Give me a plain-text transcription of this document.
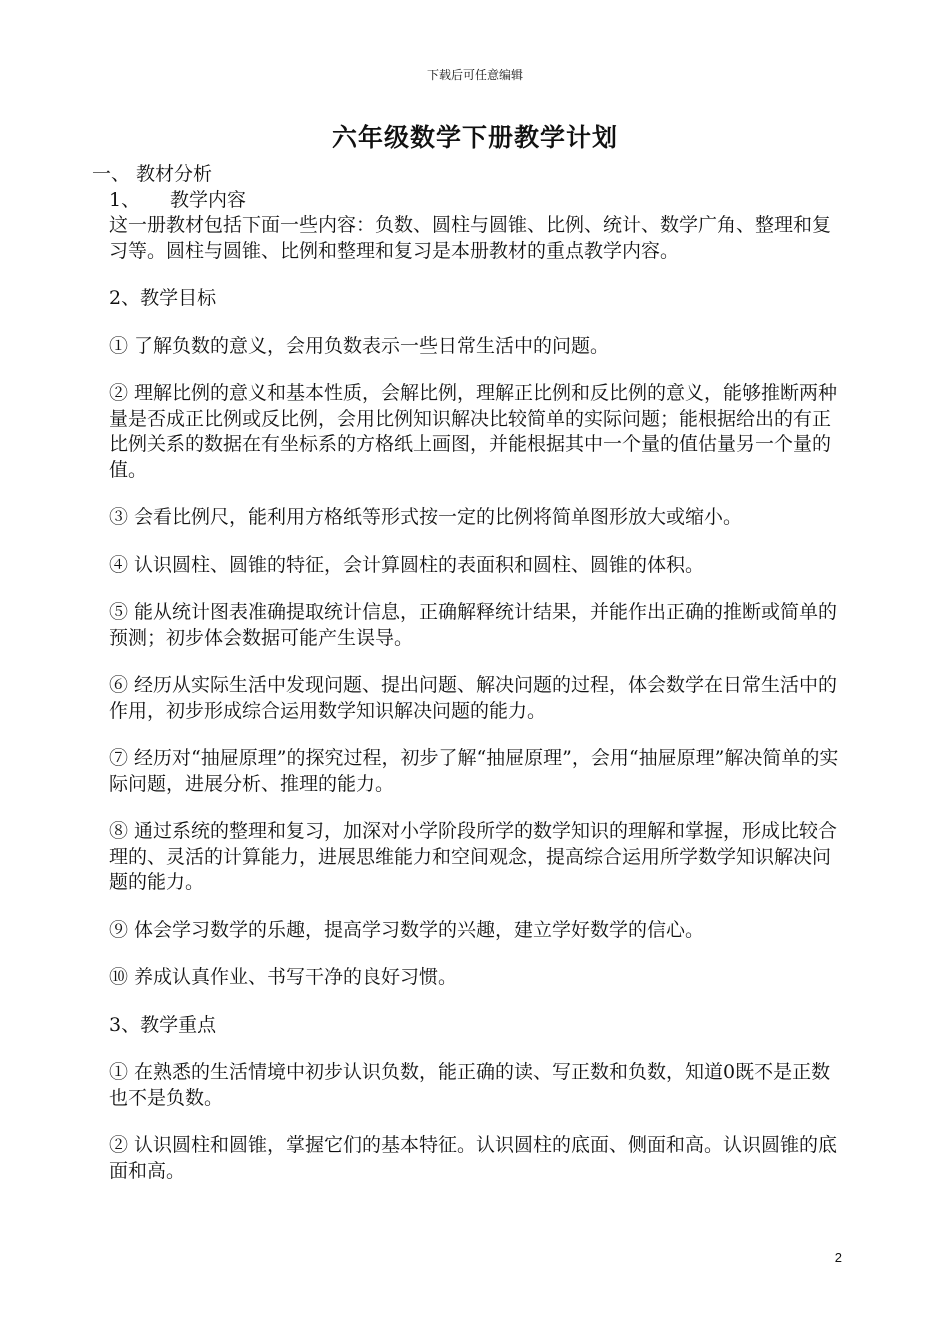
下载后可任意编辑
六年级数学下册教学计划

一、 教材分析

1、 教学内容

这一册教材包括下面一些内容：负数、圆柱与圆锥、比例、统计、数学广角、整理和复习等。圆柱与圆锥、比例和整理和复习是本册教材的重点教学内容。

2、教学目标

① 了解负数的意义，会用负数表示一些日常生活中的问题。

② 理解比例的意义和基本性质，会解比例，理解正比例和反比例的意义，能够推断两种量是否成正比例或反比例，会用比例知识解决比较简单的实际问题；能根据给出的有正比例关系的数据在有坐标系的方格纸上画图，并能根据其中一个量的值估量另一个量的值。

③ 会看比例尺，能利用方格纸等形式按一定的比例将简单图形放大或缩小。

④ 认识圆柱、圆锥的特征，会计算圆柱的表面积和圆柱、圆锥的体积。

⑤ 能从统计图表准确提取统计信息，正确解释统计结果，并能作出正确的推断或简单的预测；初步体会数据可能产生误导。

⑥ 经历从实际生活中发现问题、提出问题、解决问题的过程，体会数学在日常生活中的作用，初步形成综合运用数学知识解决问题的能力。

⑦ 经历对“抽屉原理”的探究过程，初步了解“抽屉原理”，会用“抽屉原理”解决简单的实际问题，进展分析、推理的能力。

⑧ 通过系统的整理和复习，加深对小学阶段所学的数学知识的理解和掌握，形成比较合理的、灵活的计算能力，进展思维能力和空间观念，提高综合运用所学数学知识解决问题的能力。

⑨ 体会学习数学的乐趣，提高学习数学的兴趣，建立学好数学的信心。

⑩ 养成认真作业、书写干净的良好习惯。

3、教学重点

① 在熟悉的生活情境中初步认识负数，能正确的读、写正数和负数，知道0既不是正数也不是负数。

② 认识圆柱和圆锥，掌握它们的基本特征。认识圆柱的底面、侧面和高。认识圆锥的底面和高。

2
